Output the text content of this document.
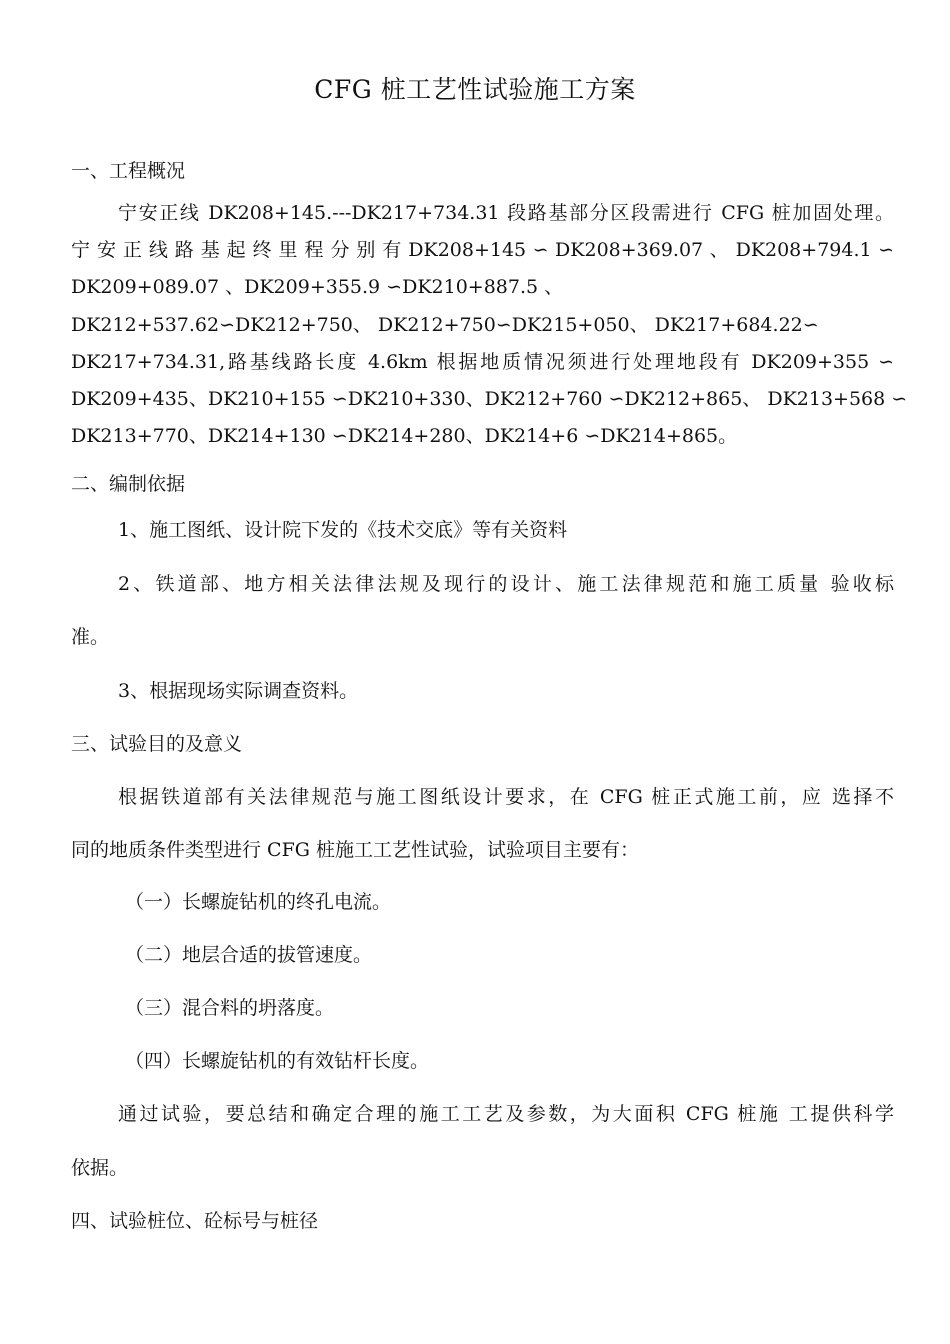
CFG 桩工艺性试验施工方案
一、工程概况
宁安正线 DK208+145.---DK217+734.31 段路基部分区段需进行 CFG 桩加固处理。
宁 安 正 线 路 基 起 终 里 程 分 别 有 DK208+145 ∽ DK208+369.07 、 DK208+794.1 ∽
DK209+089.07 、DK209+355.9 ∽DK210+887.5 、
DK212+537.62∽DK212+750、 DK212+750∽DK215+050、 DK217+684.22∽
DK217+734.31,路基线路长度 4.6km 根据地质情况须进行处理地段有 DK209+355 ∽
DK209+435、DK210+155 ∽DK210+330、DK212+760 ∽DK212+865、 DK213+568 ∽
DK213+770、DK214+130 ∽DK214+280、DK214+6 ∽DK214+865。
二、编制依据
1、施工图纸、设计院下发的《技术交底》等有关资料
2、铁道部、地方相关法律法规及现行的设计、施工法律规范和施工质量 验收标
准。
3、根据现场实际调查资料。
三、试验目的及意义
根据铁道部有关法律规范与施工图纸设计要求，在 CFG 桩正式施工前，应 选择不
同的地质条件类型进行 CFG 桩施工工艺性试验，试验项目主要有：
（一）长螺旋钻机的终孔电流。
（二）地层合适的拔管速度。
（三）混合料的坍落度。
（四）长螺旋钻机的有效钻杆长度。
通过试验，要总结和确定合理的施工工艺及参数，为大面积 CFG 桩施 工提供科学
依据。
四、试验桩位、砼标号与桩径
